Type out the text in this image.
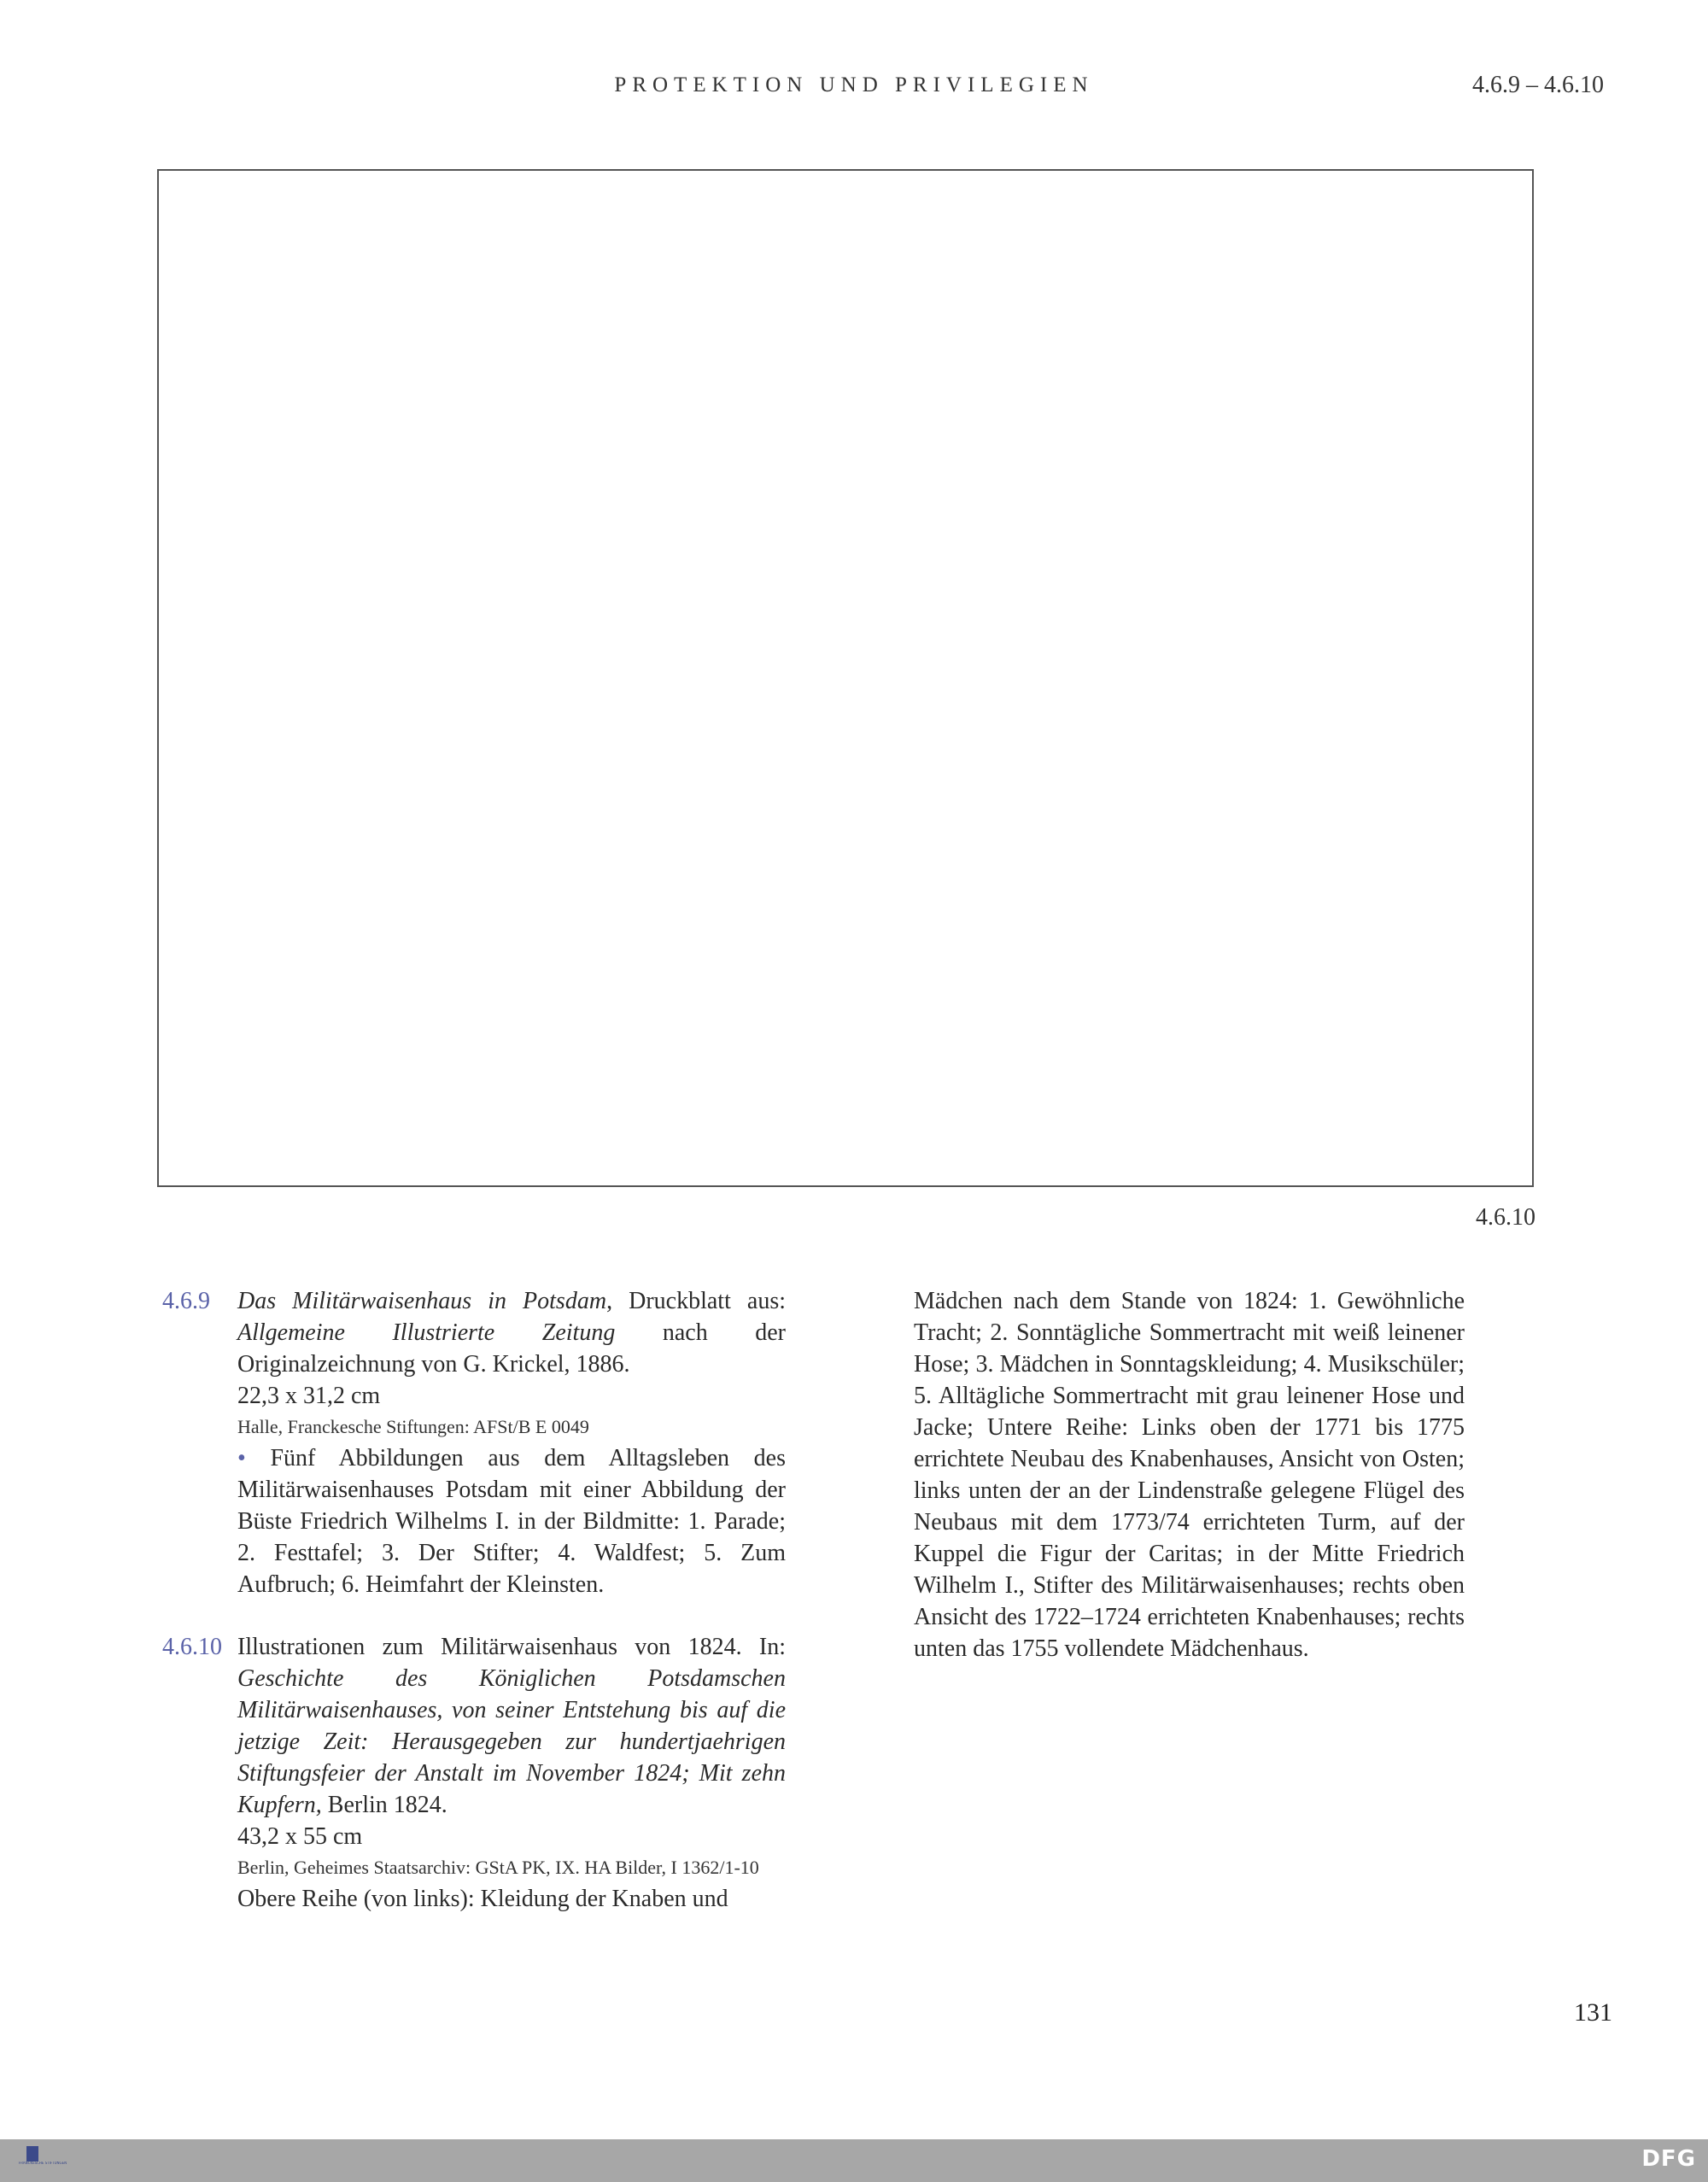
PROTEKTION UND PRIVILEGIEN	4.6.9 – 4.6.10
4.6.10
4.6.9 Das Militärwaisenhaus in Potsdam, Druckblatt aus: Allgemeine Illustrierte Zeitung nach der Originalzeichnung von G. Krickel, 1886.

22,3 x 31,2 cm

Halle, Franckesche Stiftungen: AFSt/B E 0049

• Fünf Abbildungen aus dem Alltagsleben des Militärwaisenhauses Potsdam mit einer Abbildung der Büste Friedrich Wilhelms I. in der Bildmitte: 1. Parade; 2. Festtafel; 3. Der Stifter; 4. Waldfest; 5. Zum Aufbruch; 6. Heimfahrt der Kleinsten.

4.6.10 Illustrationen zum Militärwaisenhaus von 1824. In: Geschichte des Königlichen Potsdamschen Militärwaisenhauses, von seiner Entstehung bis auf die jetzige Zeit: Herausgegeben zur hundertjaehrigen Stiftungsfeier der Anstalt im November 1824; Mit zehn Kupfern, Berlin 1824.

43,2 x 55 cm

Berlin, Geheimes Staatsarchiv: GStA PK, IX. HA Bilder, I 1362/1-10

Obere Reihe (von links): Kleidung der Knaben und

Mädchen nach dem Stande von 1824: 1. Gewöhnliche Tracht; 2. Sonntägliche Sommertracht mit weiß leinener Hose; 3. Mädchen in Sonntagskleidung; 4. Musikschüler; 5. Alltägliche Sommertracht mit grau leinener Hose und Jacke; Untere Reihe: Links oben der 1771 bis 1775 errichtete Neubau des Knabenhauses, Ansicht von Osten; links unten der an der Lindenstraße gelegene Flügel des Neubaus mit dem 1773/74 errichteten Turm, auf der Kuppel die Figur der Caritas; in der Mitte Friedrich Wilhelm I., Stifter des Militärwaisenhauses; rechts oben Ansicht des 1722–1724 errichteten Knabenhauses; rechts unten das 1755 vollendete Mädchenhaus.

131
FRANCKESCHE STIFTUNGEN	DFG
